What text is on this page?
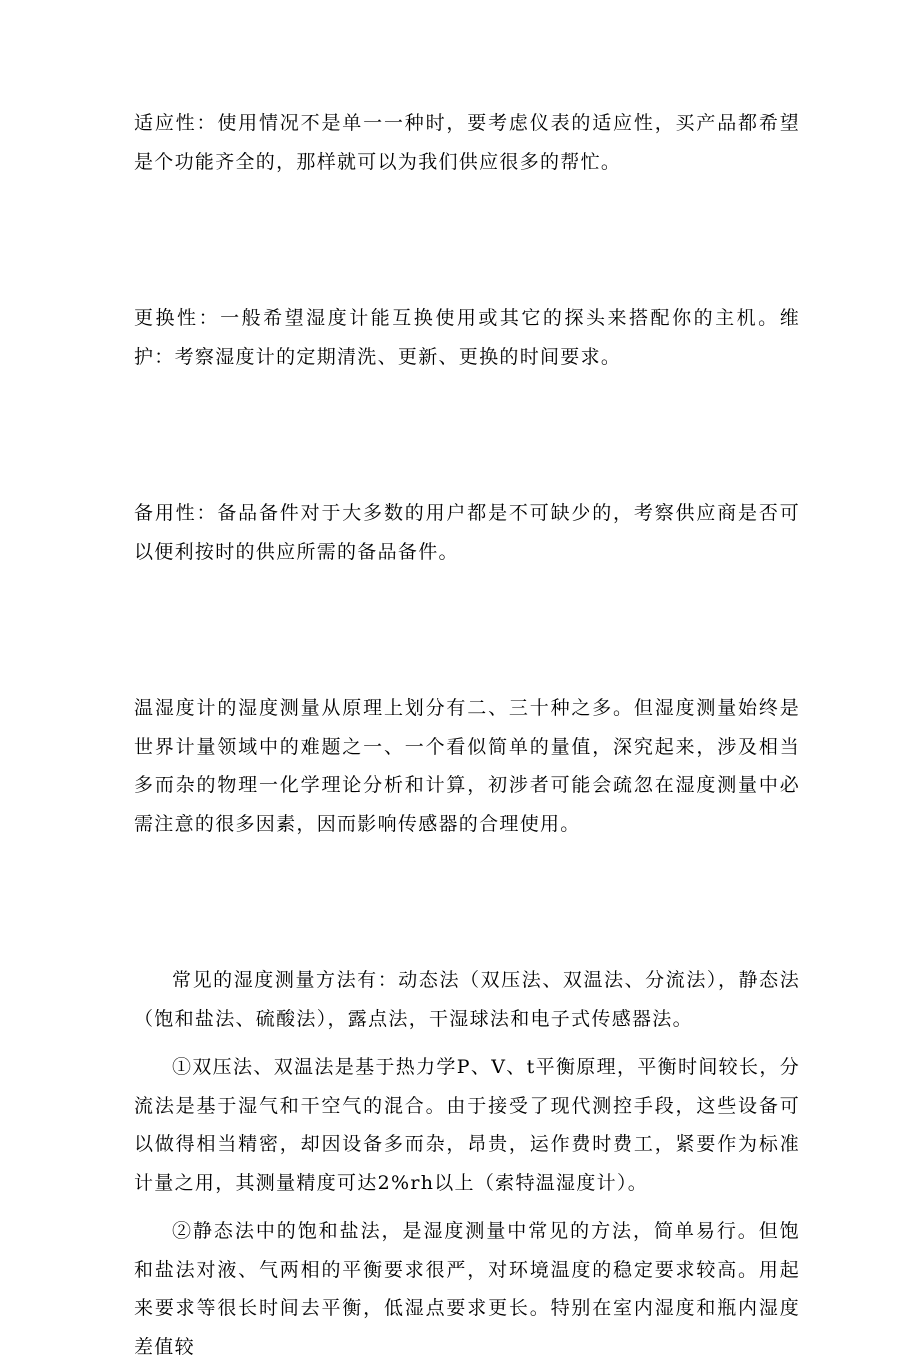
适应性：使用情况不是单一一种时，要考虑仪表的适应性，买产品都希望是个功能齐全的，那样就可以为我们供应很多的帮忙。

更换性：一般希望湿度计能互换使用或其它的探头来搭配你的主机。维护：考察湿度计的定期清洗、更新、更换的时间要求。

备用性：备品备件对于大多数的用户都是不可缺少的，考察供应商是否可以便利按时的供应所需的备品备件。

温湿度计的湿度测量从原理上划分有二、三十种之多。但湿度测量始终是世界计量领域中的难题之一、一个看似简单的量值，深究起来，涉及相当多而杂的物理一化学理论分析和计算，初涉者可能会疏忽在湿度测量中必需注意的很多因素，因而影响传感器的合理使用。

常见的湿度测量方法有：动态法（双压法、双温法、分流法），静态法（饱和盐法、硫酸法），露点法，干湿球法和电子式传感器法。

①双压法、双温法是基于热力学P、V、t平衡原理，平衡时间较长，分流法是基于湿气和干空气的混合。由于接受了现代测控手段，这些设备可以做得相当精密，却因设备多而杂，昂贵，运作费时费工，紧要作为标准计量之用，其测量精度可达2%rh以上（索特温湿度计）。

②静态法中的饱和盐法，是湿度测量中常见的方法，简单易行。但饱和盐法对液、气两相的平衡要求很严，对环境温度的稳定要求较高。用起来要求等很长时间去平衡，低湿点要求更长。特别在室内湿度和瓶内湿度差值较
